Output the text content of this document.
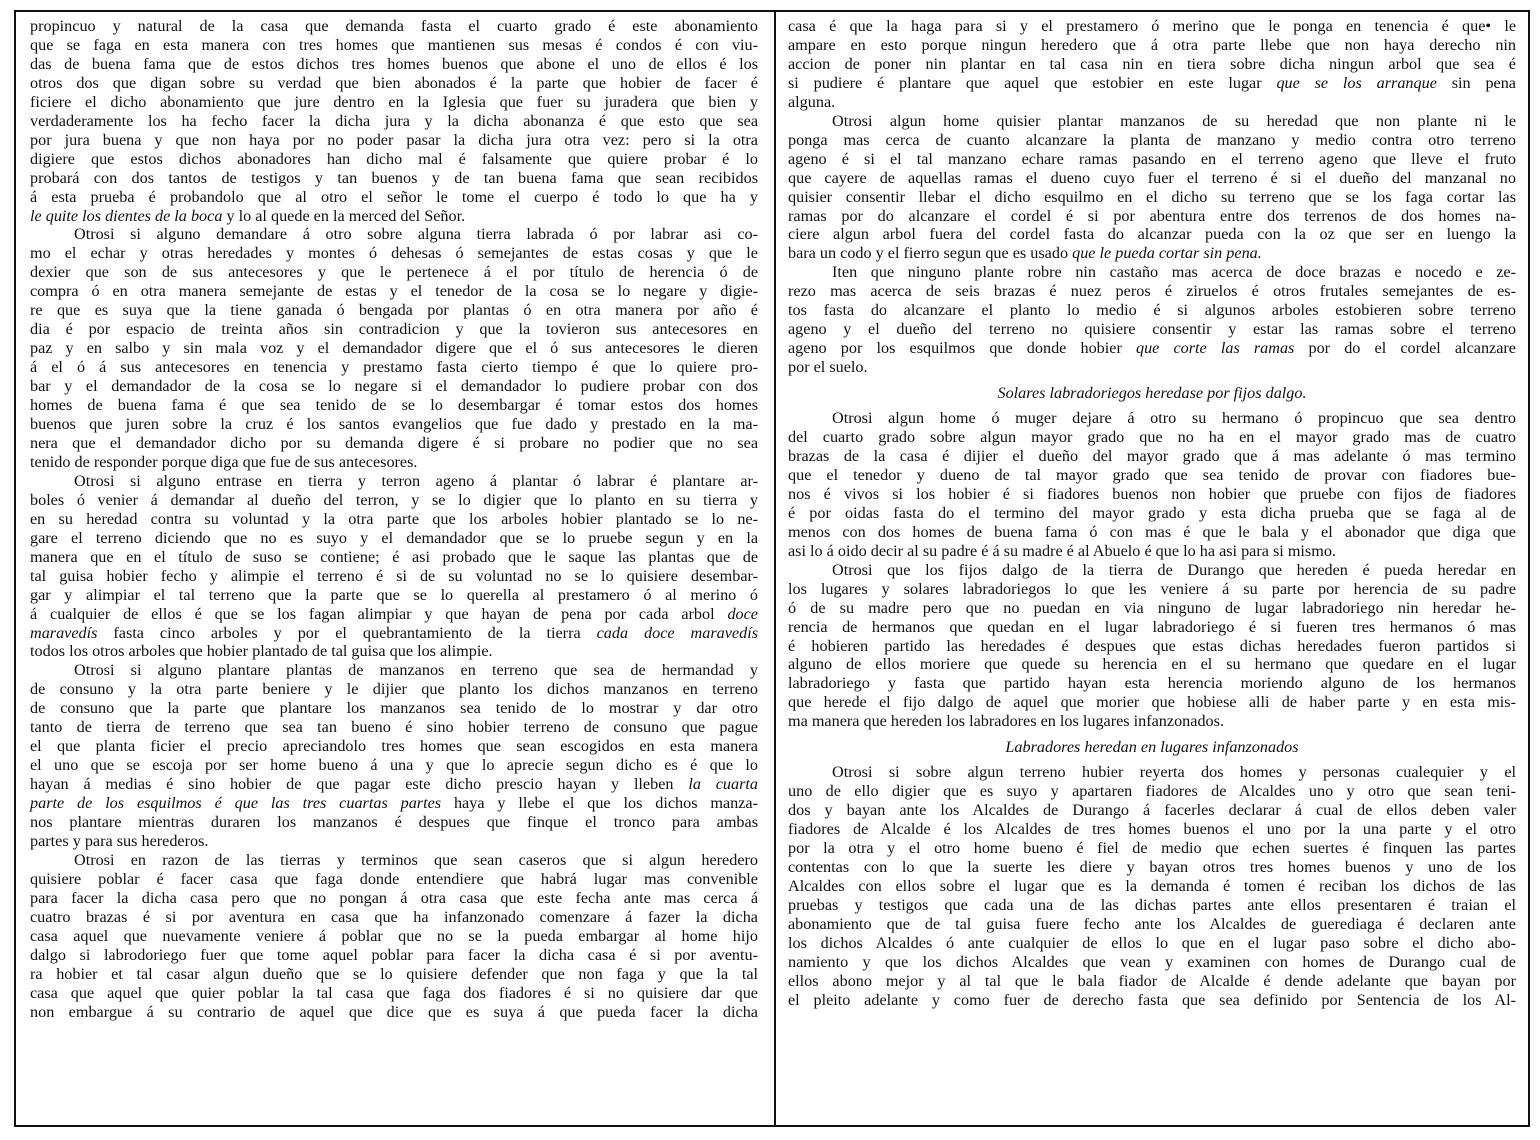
propincuo y natural de la casa que demanda fasta el cuarto grado é este abonamiento
que se faga en esta manera con tres homes que mantienen sus mesas é condos é con viu-
das de buena fama que de estos dichos tres homes buenos que abone el uno de ellos é los
otros dos que digan sobre su verdad que bien abonados é la parte que hobier de facer é
ficiere el dicho abonamiento que jure dentro en la Iglesia que fuer su juradera que bien y
verdaderamente los ha fecho facer la dicha jura y la dicha abonanza é que esto que sea
por jura buena y que non haya por no poder pasar la dicha jura otra vez: pero si la otra
digiere que estos dichos abonadores han dicho mal é falsamente que quiere probar é lo
probará con dos tantos de testigos y tan buenos y de tan buena fama que sean recibidos
á esta prueba é probandolo que al otro el señor le tome el cuerpo é todo lo que ha y
le quite los dientes de la boca y lo al quede en la merced del Señor.
Otrosi si alguno demandare á otro sobre alguna tierra labrada ó por labrar asi co-
mo el echar y otras heredades y montes ó dehesas ó semejantes de estas cosas y que le
dexier que son de sus antecesores y que le pertenece á el por título de herencia ó de
compra ó en otra manera semejante de estas y el tenedor de la cosa se lo negare y digie-
re que es suya que la tiene ganada ó bengada por plantas ó en otra manera por año é
dia é por espacio de treinta años sin contradicion y que la tovieron sus antecesores en
paz y en salbo y sin mala voz y el demandador digere que el ó sus antecesores le dieren
á el ó á sus antecesores en tenencia y prestamo fasta cierto tiempo é que lo quiere pro-
bar y el demandador de la cosa se lo negare si el demandador lo pudiere probar con dos
homes de buena fama é que sea tenido de se lo desembargar é tomar estos dos homes
buenos que juren sobre la cruz é los santos evangelios que fue dado y prestado en la ma-
nera que el demandador dicho por su demanda digere é si probare no podier que no sea
tenido de responder porque diga que fue de sus antecesores.
Otrosi si alguno entrase en tierra y terron ageno á plantar ó labrar é plantare ar-
boles ó venier á demandar al dueño del terron, y se lo digier que lo planto en su tierra y
en su heredad contra su voluntad y la otra parte que los arboles hobier plantado se lo ne-
gare el terreno diciendo que no es suyo y el demandador que se lo pruebe segun y en la
manera que en el título de suso se contiene; é asi probado que le saque las plantas que de
tal guisa hobier fecho y alimpie el terreno é si de su voluntad no se lo quisiere desembar-
gar y alimpiar el tal terreno que la parte que se lo querella al prestamero ó al merino ó
á cualquier de ellos é que se los fagan alimpiar y que hayan de pena por cada arbol doce
maravedís fasta cinco arboles y por el quebrantamiento de la tierra cada doce maravedís
todos los otros arboles que hobier plantado de tal guisa que los alimpie.
Otrosi si alguno plantare plantas de manzanos en terreno que sea de hermandad y
de consuno y la otra parte beniere y le dijier que planto los dichos manzanos en terreno
de consuno que la parte que plantare los manzanos sea tenido de lo mostrar y dar otro
tanto de tierra de terreno que sea tan bueno é sino hobier terreno de consuno que pague
el que planta ficier el precio apreciandolo tres homes que sean escogidos en esta manera
el uno que se escoja por ser home bueno á una y que lo aprecie segun dicho es é que lo
hayan á medias é sino hobier de que pagar este dicho prescio hayan y lleben la cuarta
parte de los esquilmos é que las tres cuartas partes haya y llebe el que los dichos manza-
nos plantare mientras duraren los manzanos é despues que finque el tronco para ambas
partes y para sus herederos.
Otrosi en razon de las tierras y terminos que sean caseros que si algun heredero
quisiere poblar é facer casa que faga donde entendiere que habrá lugar mas convenible
para facer la dicha casa pero que no pongan á otra casa que este fecha ante mas cerca á
cuatro brazas é si por aventura en casa que ha infanzonado comenzare á fazer la dicha
casa aquel que nuevamente veniere á poblar que no se la pueda embargar al home hijo
dalgo si labrodoriego fuer que tome aquel poblar para facer la dicha casa é si por aventu-
ra hobier et tal casar algun dueño que se lo quisiere defender que non faga y que la tal
casa que aquel que quier poblar la tal casa que faga dos fiadores é si no quisiere dar que
non embargue á su contrario de aquel que dice que es suya á que pueda facer la dicha
casa é que la haga para si y el prestamero ó merino que le ponga en tenencia é que• le
ampare en esto porque ningun heredero que á otra parte llebe que non haya derecho nin
accion de poner nin plantar en tal casa nin en tiera sobre dicha ningun arbol que sea é
si pudiere é plantare que aquel que estobier en este lugar que se los arranque sin pena
alguna.
Otrosi algun home quisier plantar manzanos de su heredad que non plante ni le
ponga mas cerca de cuanto alcanzare la planta de manzano y medio contra otro terreno
ageno é si el tal manzano echare ramas pasando en el terreno ageno que lleve el fruto
que cayere de aquellas ramas el dueno cuyo fuer el terreno é si el dueño del manzanal no
quisier consentir llebar el dicho esquilmo en el dicho su terreno que se los faga cortar las
ramas por do alcanzare el cordel é si por abentura entre dos terrenos de dos homes na-
ciere algun arbol fuera del cordel fasta do alcanzar pueda con la oz que ser en luengo la
bara un codo y el fierro segun que es usado que le pueda cortar sin pena.
Iten que ninguno plante robre nin castaño mas acerca de doce brazas e nocedo e ze-
rezo mas acerca de seis brazas é nuez peros é ziruelos é otros frutales semejantes de es-
tos fasta do alcanzare el planto lo medio é si algunos arboles estobieren sobre terreno
ageno y el dueño del terreno no quisiere consentir y estar las ramas sobre el terreno
ageno por los esquilmos que donde hobier que corte las ramas por do el cordel alcanzare
por el suelo.
Solares labradoriegos heredase por fijos dalgo.
Otrosi algun home ó muger dejare á otro su hermano ó propincuo que sea dentro
del cuarto grado sobre algun mayor grado que no ha en el mayor grado mas de cuatro
brazas de la casa é dijier el dueño del mayor grado que á mas adelante ó mas termino
que el tenedor y dueno de tal mayor grado que sea tenido de provar con fiadores bue-
nos é vivos si los hobier é si fiadores buenos non hobier que pruebe con fijos de fiadores
é por oidas fasta do el termino del mayor grado y esta dicha prueba que se faga al de
menos con dos homes de buena fama ó con mas é que le bala y el abonador que diga que
asi lo á oido decir al su padre é á su madre é al Abuelo é que lo ha asi para si mismo.
Otrosi que los fijos dalgo de la tierra de Durango que hereden é pueda heredar en
los lugares y solares labradoriegos lo que les veniere á su parte por herencia de su padre
ó de su madre pero que no puedan en via ninguno de lugar labradoriego nin heredar he-
rencia de hermanos que quedan en el lugar labradoriego é si fueren tres hermanos ó mas
é hobieren partido las heredades é despues que estas dichas heredades fueron partidos si
alguno de ellos moriere que quede su herencia en el su hermano que quedare en el lugar
labradoriego y fasta que partido hayan esta herencia moriendo alguno de los hermanos
que herede el fijo dalgo de aquel que morier que hobiese alli de haber parte y en esta mis-
ma manera que hereden los labradores en los lugares infanzonados.
Labradores heredan en lugares infanzonados
Otrosi si sobre algun terreno hubier reyerta dos homes y personas cualequier y el
uno de ello digier que es suyo y apartaren fiadores de Alcaldes uno y otro que sean teni-
dos y bayan ante los Alcaldes de Durango á facerles declarar á cual de ellos deben valer
fiadores de Alcalde é los Alcaldes de tres homes buenos el uno por la una parte y el otro
por la otra y el otro home bueno é fiel de medio que echen suertes é finquen las partes
contentas con lo que la suerte les diere y bayan otros tres homes buenos y uno de los
Alcaldes con ellos sobre el lugar que es la demanda é tomen é reciban los dichos de las
pruebas y testigos que cada una de las dichas partes ante ellos presentaren é traian el
abonamiento que de tal guisa fuere fecho ante los Alcaldes de guerediaga é declaren ante
los dichos Alcaldes ó ante cualquier de ellos lo que en el lugar paso sobre el dicho abo-
namiento y que los dichos Alcaldes que vean y examinen con homes de Durango cual de
ellos abono mejor y al tal que le bala fiador de Alcalde é dende adelante que bayan por
el pleito adelante y como fuer de derecho fasta que sea definido por Sentencia de los Al-
